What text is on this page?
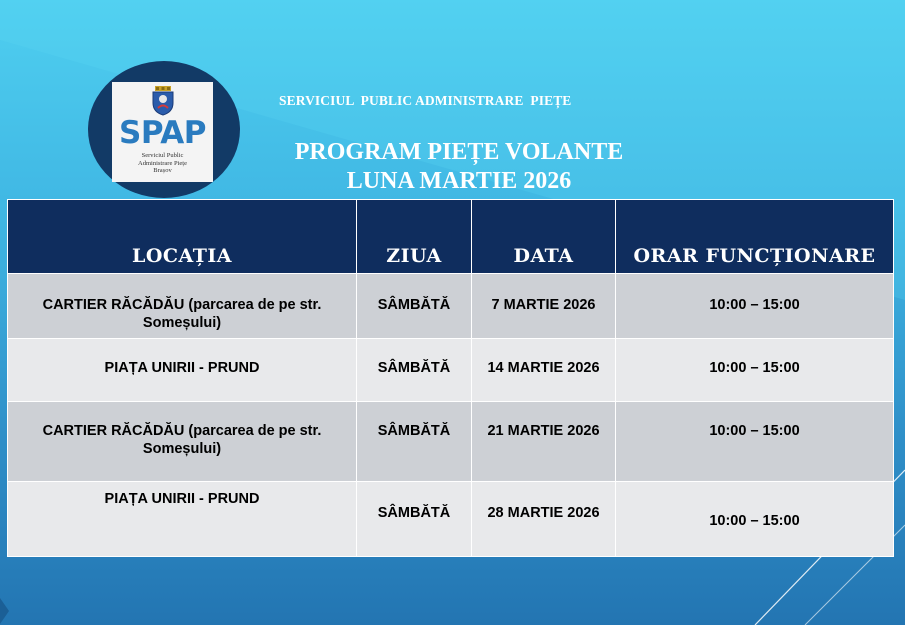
SPAP
Serviciul Public
Administrare Piețe
Brașov
SERVICIUL  PUBLIC ADMINISTRARE  PIEȚE
PROGRAM PIEȚE VOLANTE
LUNA MARTIE 2026
LOCAȚIA	ZIUA	DATA	ORAR FUNCȚIONARE
CARTIER RĂCĂDĂU (parcarea de pe str. Someșului)	SÂMBĂTĂ	7 MARTIE 2026	10:00 – 15:00
PIAȚA UNIRII - PRUND	SÂMBĂTĂ	14 MARTIE 2026	10:00 – 15:00
CARTIER RĂCĂDĂU (parcarea de pe str. Someșului)	SÂMBĂTĂ	21 MARTIE 2026	10:00 – 15:00
PIAȚA UNIRII - PRUND	SÂMBĂTĂ	28 MARTIE 2026	10:00 – 15:00
